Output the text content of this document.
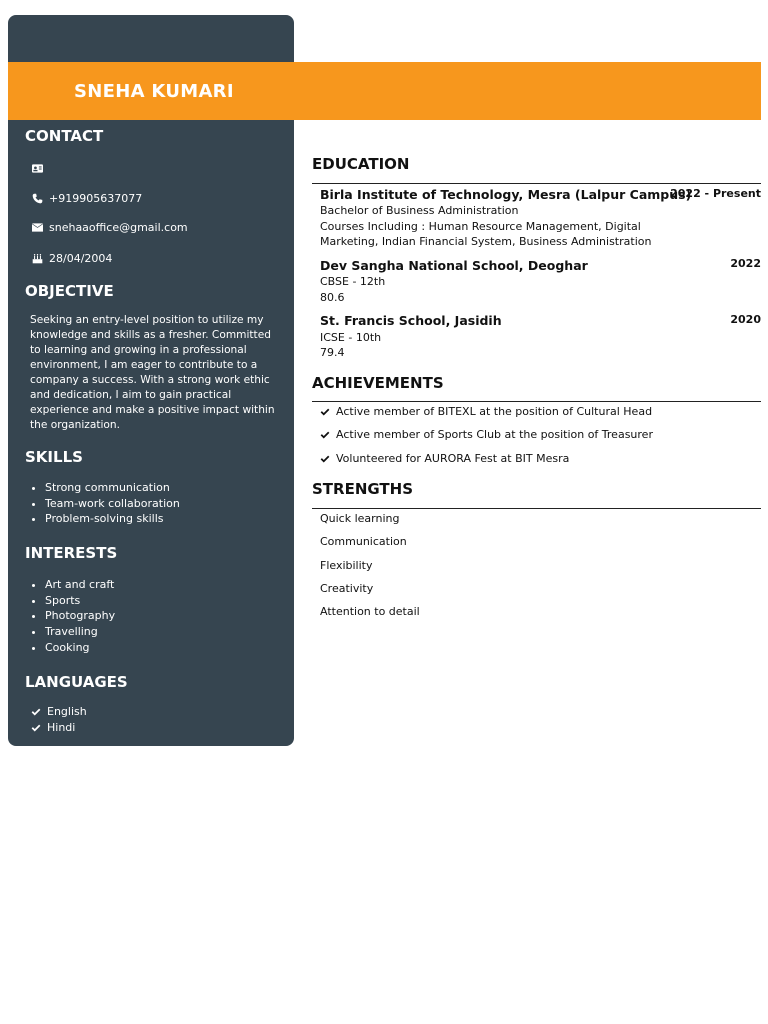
SNEHA KUMARI
CONTACT
+919905637077
snehaaoffice@gmail.com
28/04/2004
OBJECTIVE
Seeking an entry-level position to utilize my knowledge and skills as a fresher. Committed to learning and growing in a professional environment, I am eager to contribute to a company a success. With a strong work ethic and dedication, I aim to gain practical experience and make a positive impact within the organization.
SKILLS
• Strong communication
• Team-work collaboration
• Problem-solving skills
INTERESTS
• Art and craft
• Sports
• Photography
• Travelling
• Cooking
LANGUAGES
English
Hindi
EDUCATION
Birla Institute of Technology, Mesra (Lalpur Campus)
2022 - Present
Bachelor of Business Administration
Courses Including : Human Resource Management, Digital
Marketing, Indian Financial System, Business Administration
Dev Sangha National School, Deoghar	2022
CBSE - 12th
80.6
St. Francis School, Jasidih	2020
ICSE - 10th
79.4
ACHIEVEMENTS
Active member of BITEXL at the position of Cultural Head
Active member of Sports Club at the position of Treasurer
Volunteered for AURORA Fest at BIT Mesra
STRENGTHS
Quick learning
Communication
Flexibility
Creativity
Attention to detail
